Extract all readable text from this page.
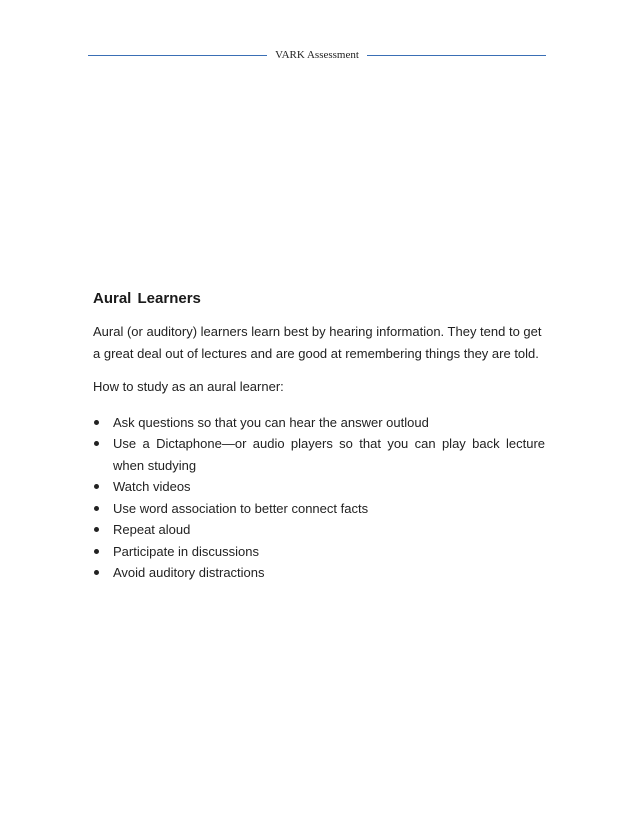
VARK Assessment
Aural Learners

Aural (or auditory) learners learn best by hearing information. They tend to get a great deal out of lectures and are good at remembering things they are told.

How to study as an aural learner:

Ask questions so that you can hear the answer outloud
Use a Dictaphone—or audio players so that you can play back lecture when studying
Watch videos
Use word association to better connect facts
Repeat aloud
Participate in discussions
Avoid auditory distractions
